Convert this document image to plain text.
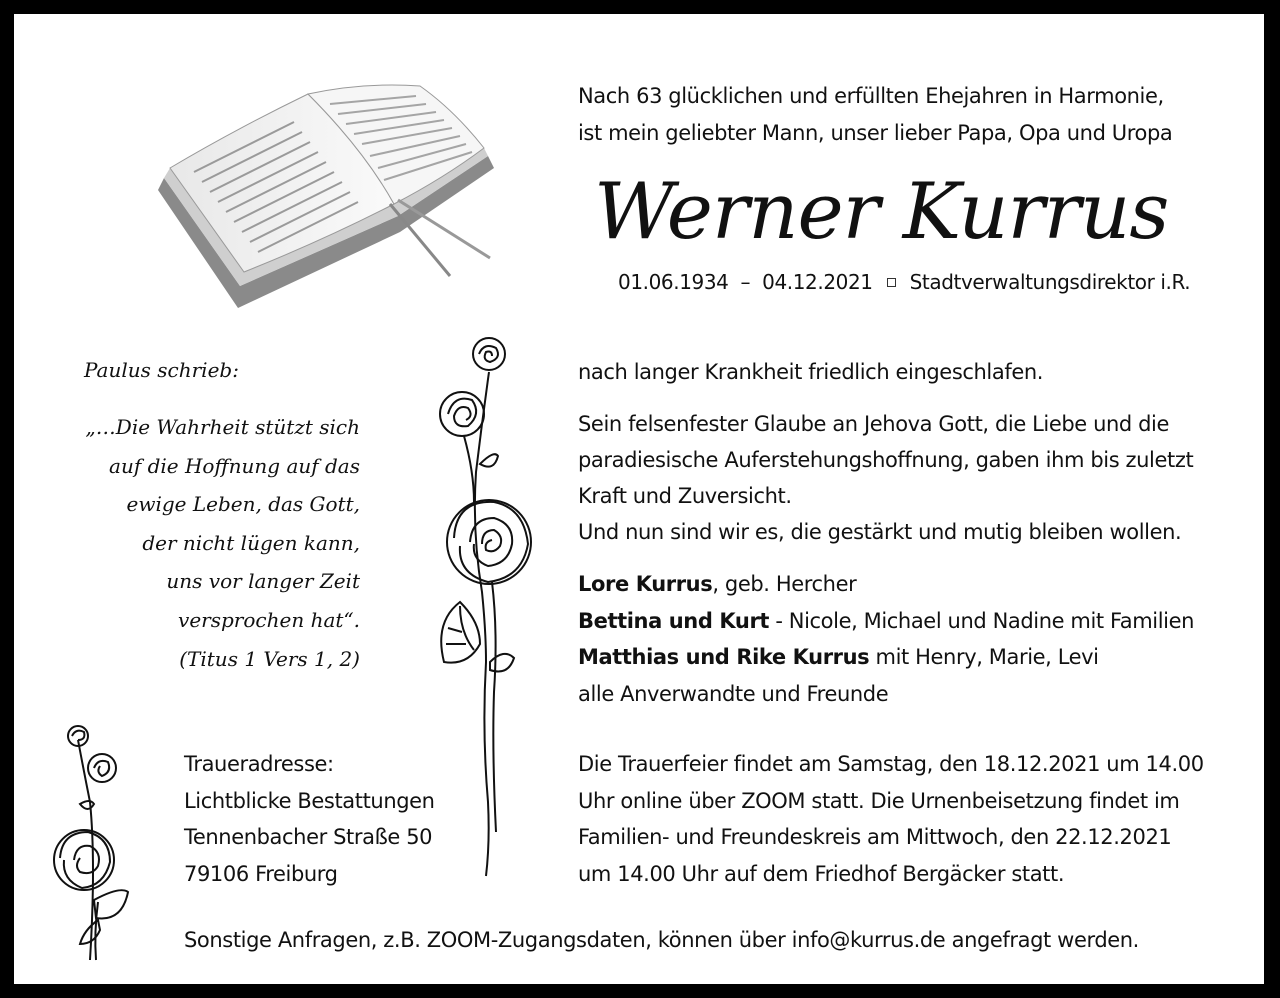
Nach 63 glücklichen und erfüllten Ehejahren in Harmonie,
ist mein geliebter Mann, unser lieber Papa, Opa und Uropa
Werner Kurrus
01.06.1934 – 04.12.2021 Stadtverwaltungsdirektor i.R.
nach langer Krankheit friedlich eingeschlafen.
Sein felsenfester Glaube an Jehova Gott, die Liebe und die
paradiesische Auferstehungshoffnung, gaben ihm bis zuletzt
Kraft und Zuversicht.
Und nun sind wir es, die gestärkt und mutig bleiben wollen.
Lore Kurrus, geb. Hercher
Bettina und Kurt - Nicole, Michael und Nadine mit Familien
Matthias und Rike Kurrus mit Henry, Marie, Levi
alle Anverwandte und Freunde
Die Trauerfeier findet am Samstag, den 18.12.2021 um 14.00
Uhr online über ZOOM statt. Die Urnenbeisetzung findet im
Familien- und Freundeskreis am Mittwoch, den 22.12.2021
um 14.00 Uhr auf dem Friedhof Bergäcker statt.
Paulus schrieb:
„…Die Wahrheit stützt sich
auf die Hoffnung auf das
ewige Leben, das Gott,
der nicht lügen kann,
uns vor langer Zeit
versprochen hat“.
(Titus 1 Vers 1, 2)
Traueradresse:
Lichtblicke Bestattungen
Tennenbacher Straße 50
79106 Freiburg
Sonstige Anfragen, z.B. ZOOM-Zugangsdaten, können über info@kurrus.de angefragt werden.
